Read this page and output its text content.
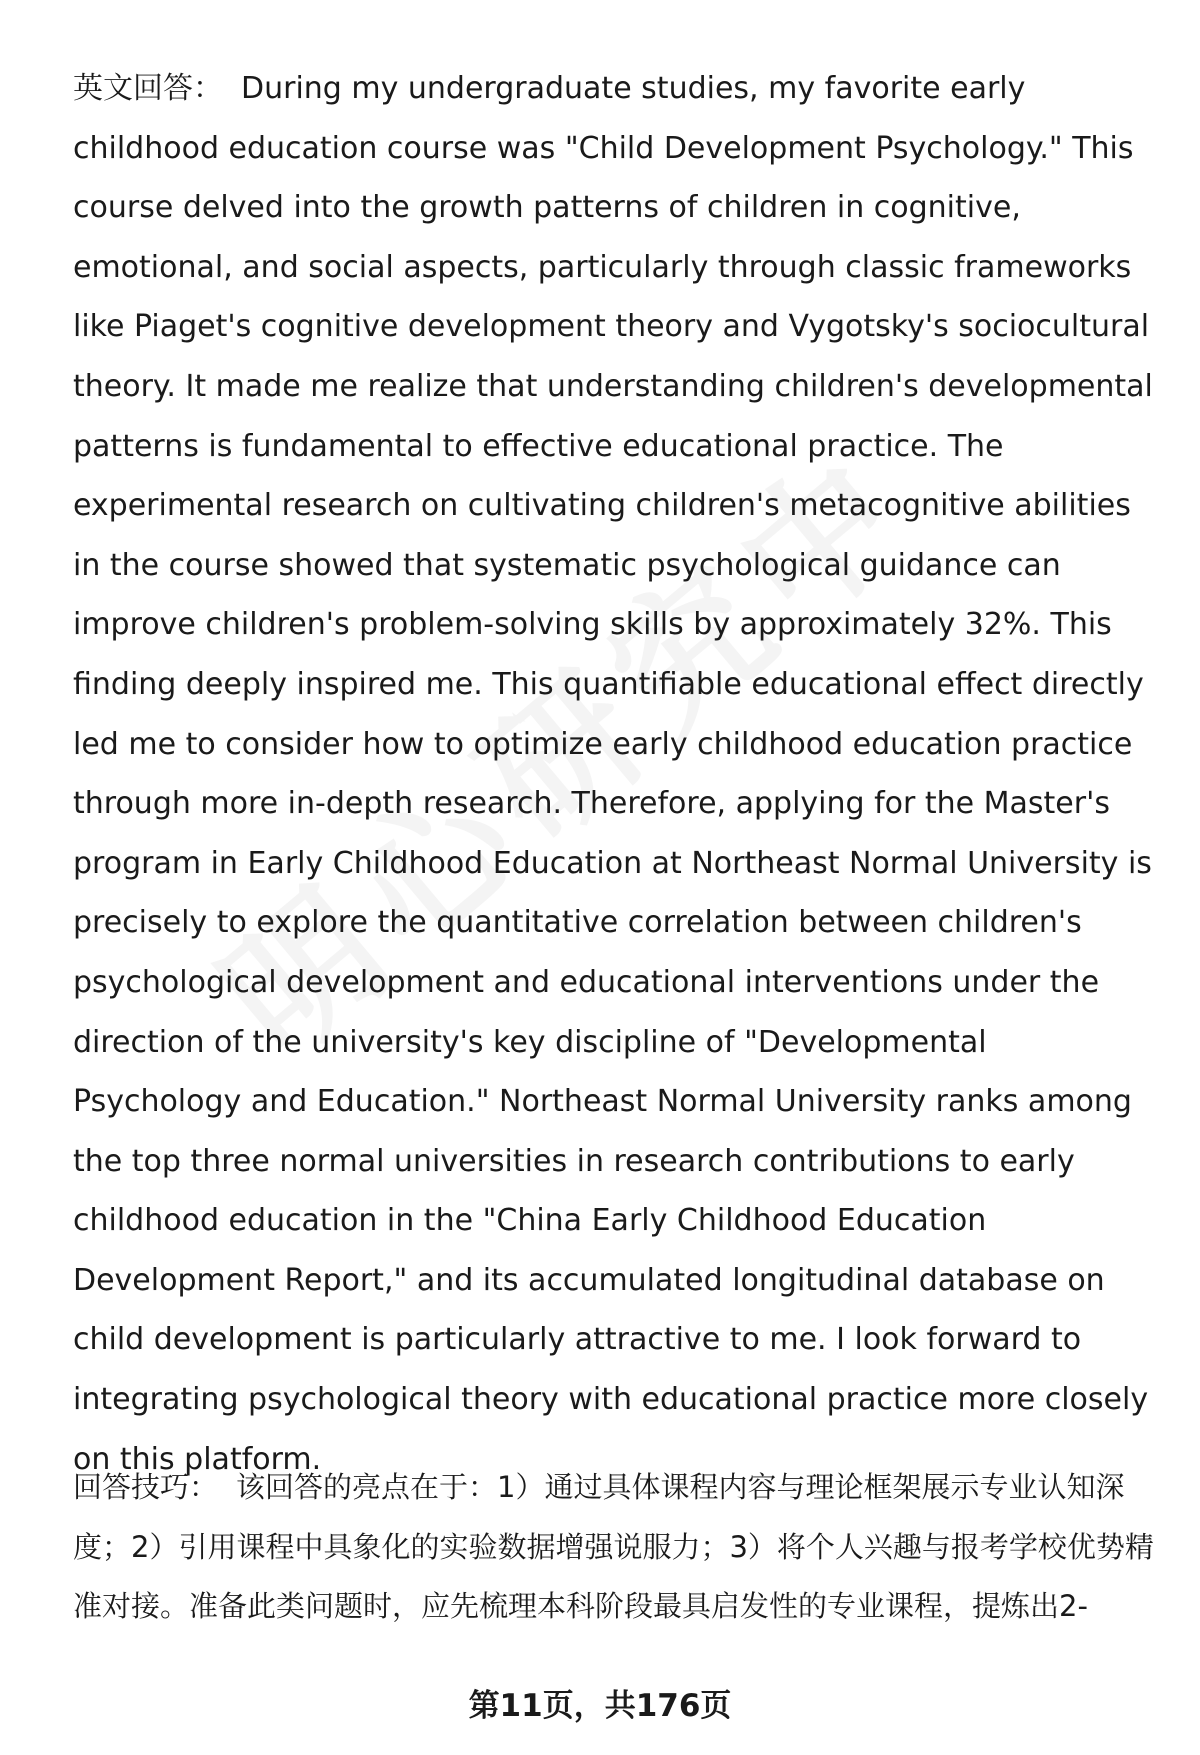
英文回答： During my undergraduate studies, my favorite early childhood education course was "Child Development Psychology." This course delved into the growth patterns of children in cognitive, emotional, and social aspects, particularly through classic frameworks like Piaget's cognitive development theory and Vygotsky's sociocultural theory. It made me realize that understanding children's developmental patterns is fundamental to effective educational practice. The experimental research on cultivating children's metacognitive abilities in the course showed that systematic psychological guidance can improve children's problem-solving skills by approximately 32%. This finding deeply inspired me. This quantifiable educational effect directly led me to consider how to optimize early childhood education practice through more in-depth research. Therefore, applying for the Master's program in Early Childhood Education at Northeast Normal University is precisely to explore the quantitative correlation between children's psychological development and educational interventions under the direction of the university's key discipline of "Developmental Psychology and Education." Northeast Normal University ranks among the top three normal universities in research contributions to early childhood education in the "China Early Childhood Education Development Report," and its accumulated longitudinal database on child development is particularly attractive to me. I look forward to integrating psychological theory with educational practice more closely on this platform.

回答技巧： 该回答的亮点在于：1）通过具体课程内容与理论框架展示专业认知深度；2）引用课程中具象化的实验数据增强说服力；3）将个人兴趣与报考学校优势精准对接。准备此类问题时，应先梳理本科阶段最具启发性的专业课程，提炼出2-

第11页，共176页
